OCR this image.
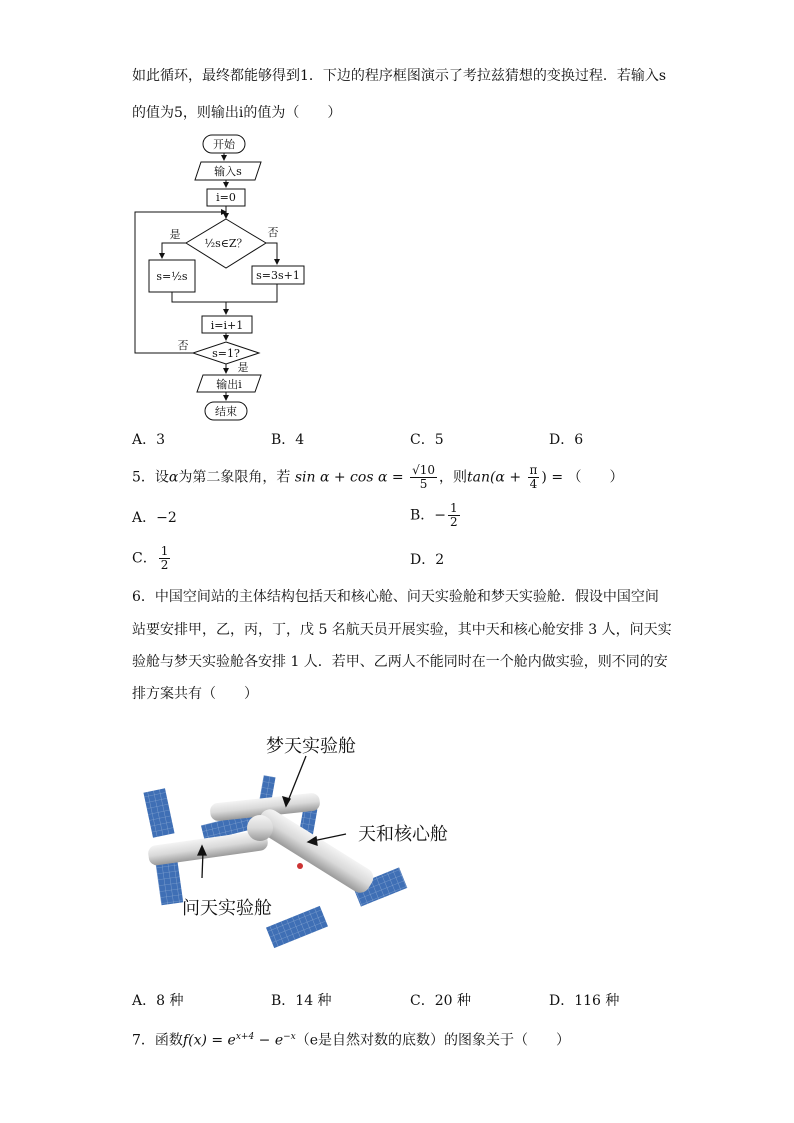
如此循环，最终都能够得到1．下边的程序框图演示了考拉兹猜想的变换过程．若输入s
的值为5，则输出i的值为（　　）
开始
输入s
i=0
½s∈Z？
是	否
s=½s	s=3s+1
i=i+1
s=1?
否
是
输出i
结束
A．3	B．4	C．5	D．6
5．设α为第二象限角，若 $\sin \alpha + \cos \alpha = \frac{√10}{5}$ ，则$\tan(\alpha + \frac{\pi}{4}$ ) = （　　）
A．−2	B．− $\frac{1}{2}$
C． $\frac{1}{2}$	D．2
6．中国空间站的主体结构包括天和核心舱、问天实验舱和梦天实验舱．假设中国空间
站要安排甲，乙，丙，丁，戊 5 名航天员开展实验，其中天和核心舱安排 3 人，问天实
验舱与梦天实验舱各安排 1 人．若甲、乙两人不能同时在一个舱内做实验，则不同的安
排方案共有（　　）
梦天实验舱
天和核心舱
问天实验舱
A．8 种	B．14 种	C．20 种	D．116 种
7．函数$f(x) = e^{x+4} - e^{-x}(e$是自然对数的底数）的图象关于（　　）
